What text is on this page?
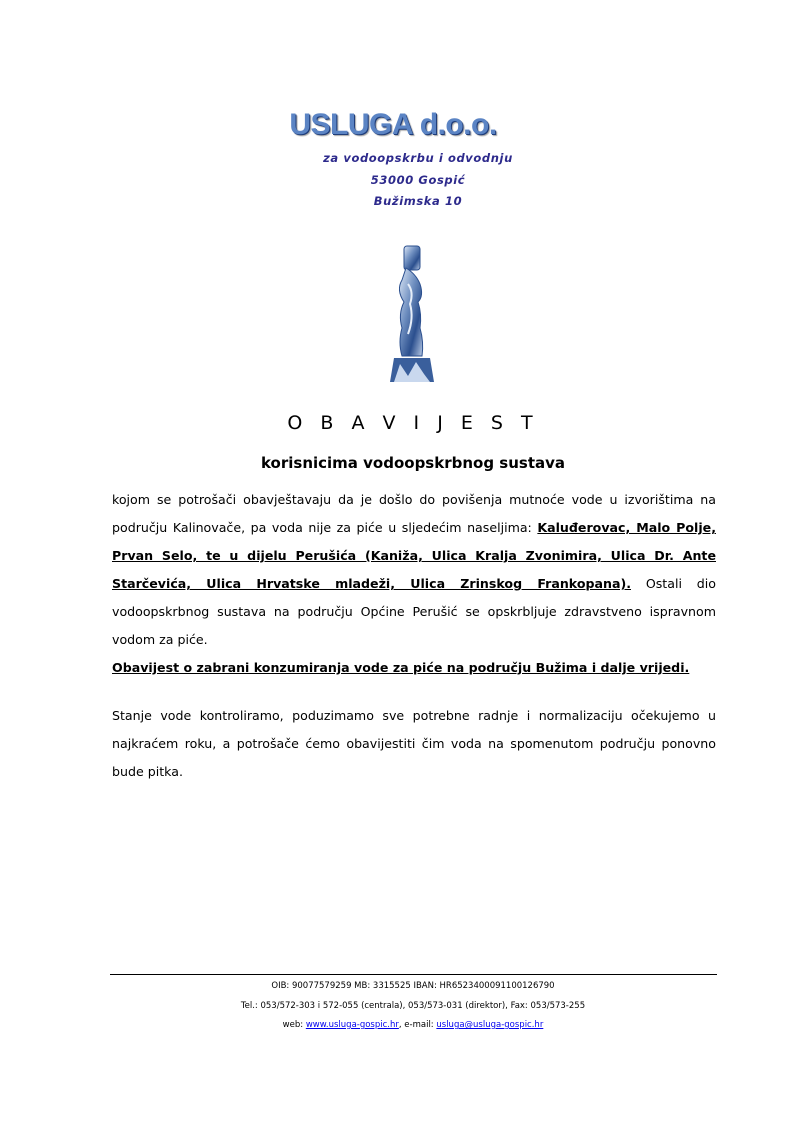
USLUGA d.o.o.
za vodoopskrbu i odvodnju
53000 Gospić
Bužimska 10
O B A V I J E S T
korisnicima vodoopskrbnog sustava
kojom se potrošači obavještavaju da je došlo do povišenja mutnoće vode u izvorištima na području Kalinovače, pa voda nije za piće u sljedećim naseljima: Kaluđerovac, Malo Polje, Prvan Selo, te u dijelu Perušića (Kaniža, Ulica Kralja Zvonimira, Ulica Dr. Ante Starčevića, Ulica Hrvatske mladeži, Ulica Zrinskog Frankopana). Ostali dio vodoopskrbnog sustava na području Općine Perušić se opskrbljuje zdravstveno ispravnom vodom za piće.
Obavijest o zabrani konzumiranja vode za piće na području Bužima i dalje vrijedi.
Stanje vode kontroliramo, poduzimamo sve potrebne radnje i normalizaciju očekujemo u najkraćem roku, a potrošače ćemo obavijestiti čim voda na spomenutom području ponovno bude pitka.
OIB: 90077579259 MB: 3315525 IBAN: HR6523400091100126790
Tel.: 053/572-303 i 572-055 (centrala), 053/573-031 (direktor), Fax: 053/573-255
web: www.usluga-gospic.hr, e-mail: usluga@usluga-gospic.hr
